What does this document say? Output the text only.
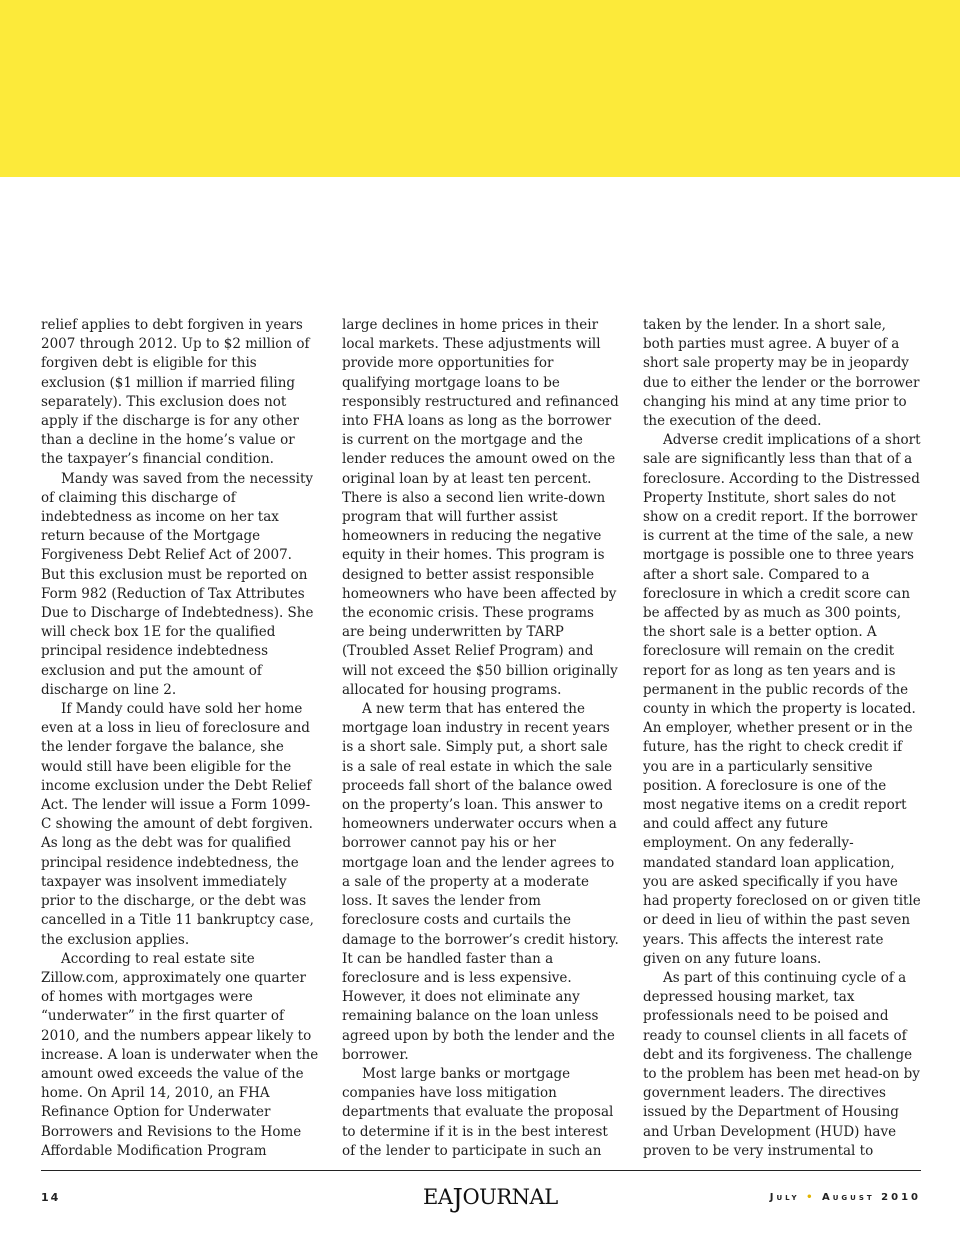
relief applies to debt forgiven in years 2007 through 2012. Up to $2 million of forgiven debt is eligible for this exclusion ($1 million if married filing separately). This exclusion does not apply if the discharge is for any other than a decline in the home’s value or the taxpayer’s financial condition.

Mandy was saved from the necessity of claiming this discharge of indebtedness as income on her tax return because of the Mortgage Forgiveness Debt Relief Act of 2007. But this exclusion must be reported on Form 982 (Reduction of Tax Attributes Due to Discharge of Indebtedness). She will check box 1E for the qualified principal residence indebtedness exclusion and put the amount of discharge on line 2.

If Mandy could have sold her home even at a loss in lieu of foreclosure and the lender forgave the balance, she would still have been eligible for the income exclusion under the Debt Relief Act. The lender will issue a Form 1099-C showing the amount of debt forgiven. As long as the debt was for qualified principal residence indebtedness, the taxpayer was insolvent immediately prior to the discharge, or the debt was cancelled in a Title 11 bankruptcy case, the exclusion applies.

According to real estate site Zillow.com, approximately one quarter of homes with mortgages were “underwater” in the first quarter of 2010, and the numbers appear likely to increase. A loan is underwater when the amount owed exceeds the value of the home. On April 14, 2010, an FHA Refinance Option for Underwater Borrowers and Revisions to the Home Affordable Modification Program

large declines in home prices in their local markets. These adjustments will provide more opportunities for qualifying mortgage loans to be responsibly restructured and refinanced into FHA loans as long as the borrower is current on the mortgage and the lender reduces the amount owed on the original loan by at least ten percent. There is also a second lien write-down program that will further assist homeowners in reducing the negative equity in their homes. This program is designed to better assist responsible homeowners who have been affected by the economic crisis. These programs are being underwritten by TARP (Troubled Asset Relief Program) and will not exceed the $50 billion originally allocated for housing programs.

A new term that has entered the mortgage loan industry in recent years is a short sale. Simply put, a short sale is a sale of real estate in which the sale proceeds fall short of the balance owed on the property’s loan. This answer to homeowners underwater occurs when a borrower cannot pay his or her mortgage loan and the lender agrees to a sale of the property at a moderate loss. It saves the lender from foreclosure costs and curtails the damage to the borrower’s credit history. It can be handled faster than a foreclosure and is less expensive. However, it does not eliminate any remaining balance on the loan unless agreed upon by both the lender and the borrower.

Most large banks or mortgage companies have loss mitigation departments that evaluate the proposal to determine if it is in the best interest of the lender to participate in such an

taken by the lender. In a short sale, both parties must agree. A buyer of a short sale property may be in jeopardy due to either the lender or the borrower changing his mind at any time prior to the execution of the deed.

Adverse credit implications of a short sale are significantly less than that of a foreclosure. According to the Distressed Property Institute, short sales do not show on a credit report. If the borrower is current at the time of the sale, a new mortgage is possible one to three years after a short sale. Compared to a foreclosure in which a credit score can be affected by as much as 300 points, the short sale is a better option. A foreclosure will remain on the credit report for as long as ten years and is permanent in the public records of the county in which the property is located. An employer, whether present or in the future, has the right to check credit if you are in a particularly sensitive position. A foreclosure is one of the most negative items on a credit report and could affect any future employment. On any federally-mandated standard loan application, you are asked specifically if you have had property foreclosed on or given title or deed in lieu of within the past seven years. This affects the interest rate given on any future loans.

As part of this continuing cycle of a depressed housing market, tax professionals need to be poised and ready to counsel clients in all facets of debt and its forgiveness. The challenge to the problem has been met head-on by government leaders. The directives issued by the Department of Housing and Urban Development (HUD) have proven to be very instrumental to

14	EAJOURNAL	July • August 2010
